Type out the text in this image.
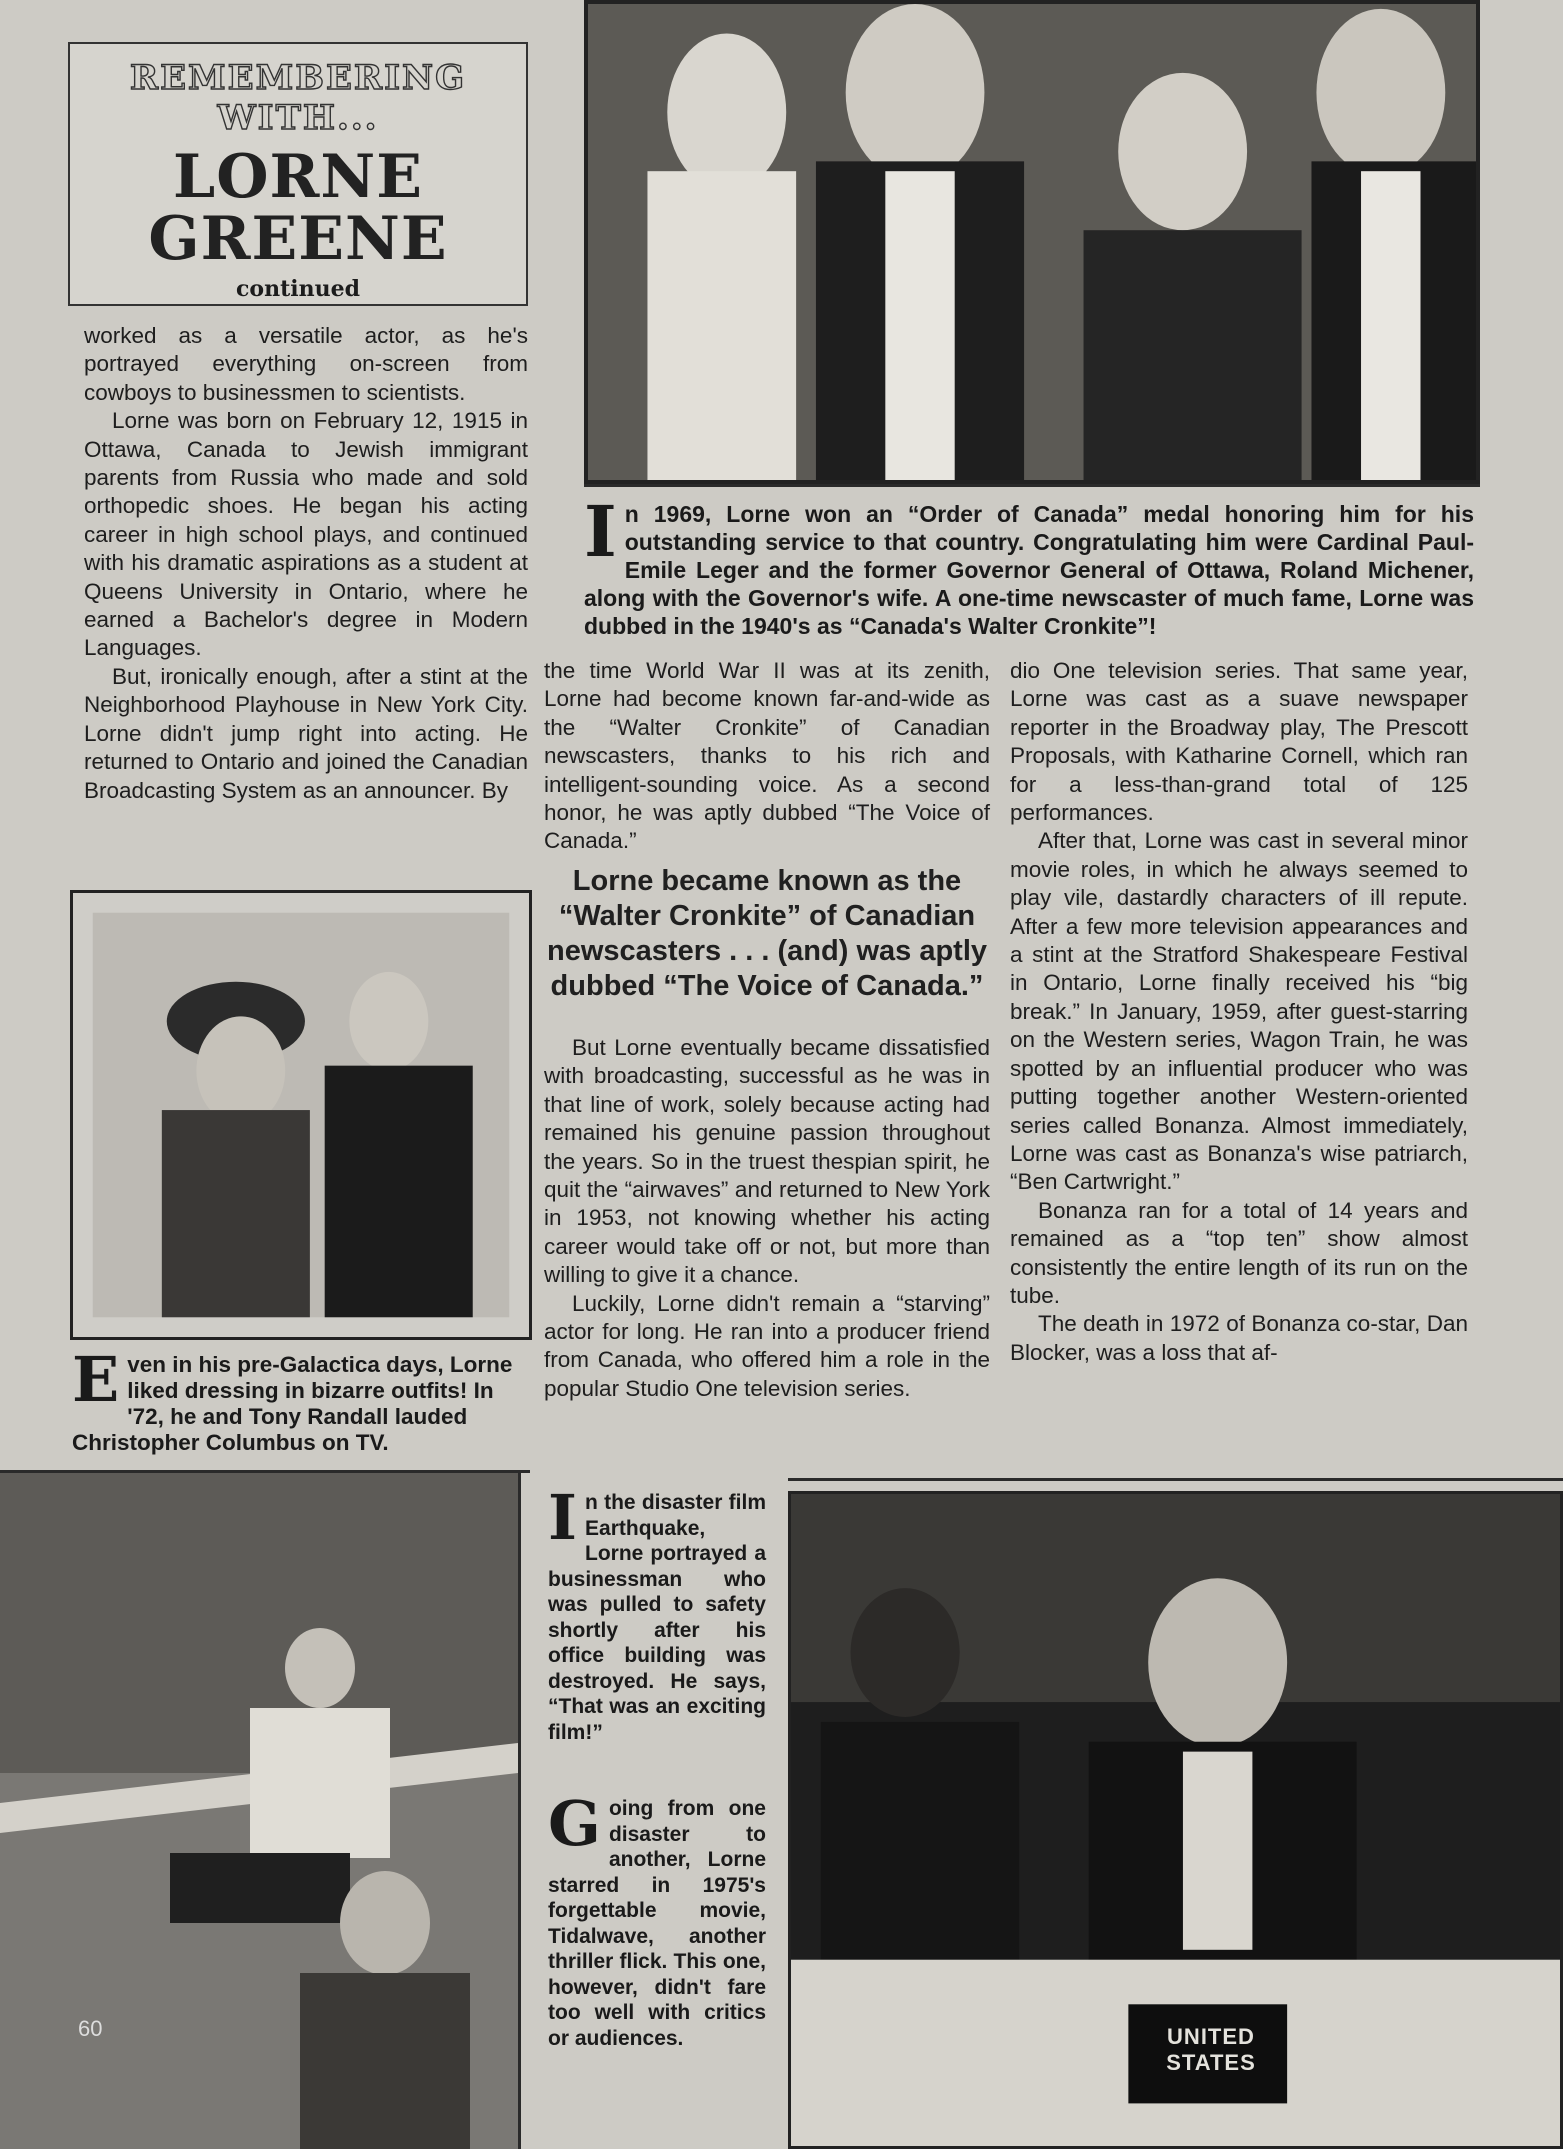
REMEMBERING
WITH...
LORNE
GREENE
continued
I n 1969, Lorne won an “Order of Canada” medal honoring him for his outstanding service to that country. Congratulating him were Cardinal Paul-Emile Leger and the former Governor General of Ottawa, Roland Michener, along with the Governor's wife. A one-time newscaster of much fame, Lorne was dubbed in the 1940's as “Canada's Walter Cronkite”!

worked as a versatile actor, as he's portrayed everything on-screen from cowboys to businessmen to scientists.

Lorne was born on February 12, 1915 in Ottawa, Canada to Jewish immigrant parents from Russia who made and sold orthopedic shoes. He began his acting career in high school plays, and continued with his dramatic aspirations as a student at Queens University in Ontario, where he earned a Bachelor's degree in Modern Languages.

But, ironically enough, after a stint at the Neighborhood Playhouse in New York City. Lorne didn't jump right into acting. He returned to Ontario and joined the Canadian Broadcasting System as an announcer. By

E ven in his pre-Galactica days, Lorne liked dressing in bizarre outfits! In '72, he and Tony Randall lauded Christopher Columbus on TV.

the time World War II was at its zenith, Lorne had become known far-and-wide as the “Walter Cronkite” of Canadian newscasters, thanks to his rich and intelligent-sounding voice. As a second honor, he was aptly dubbed “The Voice of Canada.”

Lorne became known as the “Walter Cronkite” of Canadian newscasters . . . (and) was aptly dubbed “The Voice of Canada.”

But Lorne eventually became dissatisfied with broadcasting, successful as he was in that line of work, solely because acting had remained his genuine passion throughout the years. So in the truest thespian spirit, he quit the “airwaves” and returned to New York in 1953, not knowing whether his acting career would take off or not, but more than willing to give it a chance.

Luckily, Lorne didn't remain a “starving” actor for long. He ran into a producer friend from Canada, who offered him a role in the popular Studio One television series.

dio One television series. That same year, Lorne was cast as a suave newspaper reporter in the Broadway play, The Prescott Proposals, with Katharine Cornell, which ran for a less-than-grand total of 125 performances.

After that, Lorne was cast in several minor movie roles, in which he always seemed to play vile, dastardly characters of ill repute. After a few more television appearances and a stint at the Stratford Shakespeare Festival in Ontario, Lorne finally received his “big break.” In January, 1959, after guest-starring on the Western series, Wagon Train, he was spotted by an influential producer who was putting together another Western-oriented series called Bonanza. Almost immediately, Lorne was cast as Bonanza's wise patriarch, “Ben Cartwright.”

Bonanza ran for a total of 14 years and remained as a “top ten” show almost consistently the entire length of its run on the tube.

The death in 1972 of Bonanza co-star, Dan Blocker, was a loss that af-

60
I n the disaster film Earthquake, Lorne portrayed a businessman who was pulled to safety shortly after his office building was destroyed. He says, “That was an exciting film!”
G oing from one disaster to another, Lorne starred in 1975's forgettable movie, Tidalwave, another thriller flick. This one, however, didn't fare too well with critics or audiences.	UNITED
STATES
